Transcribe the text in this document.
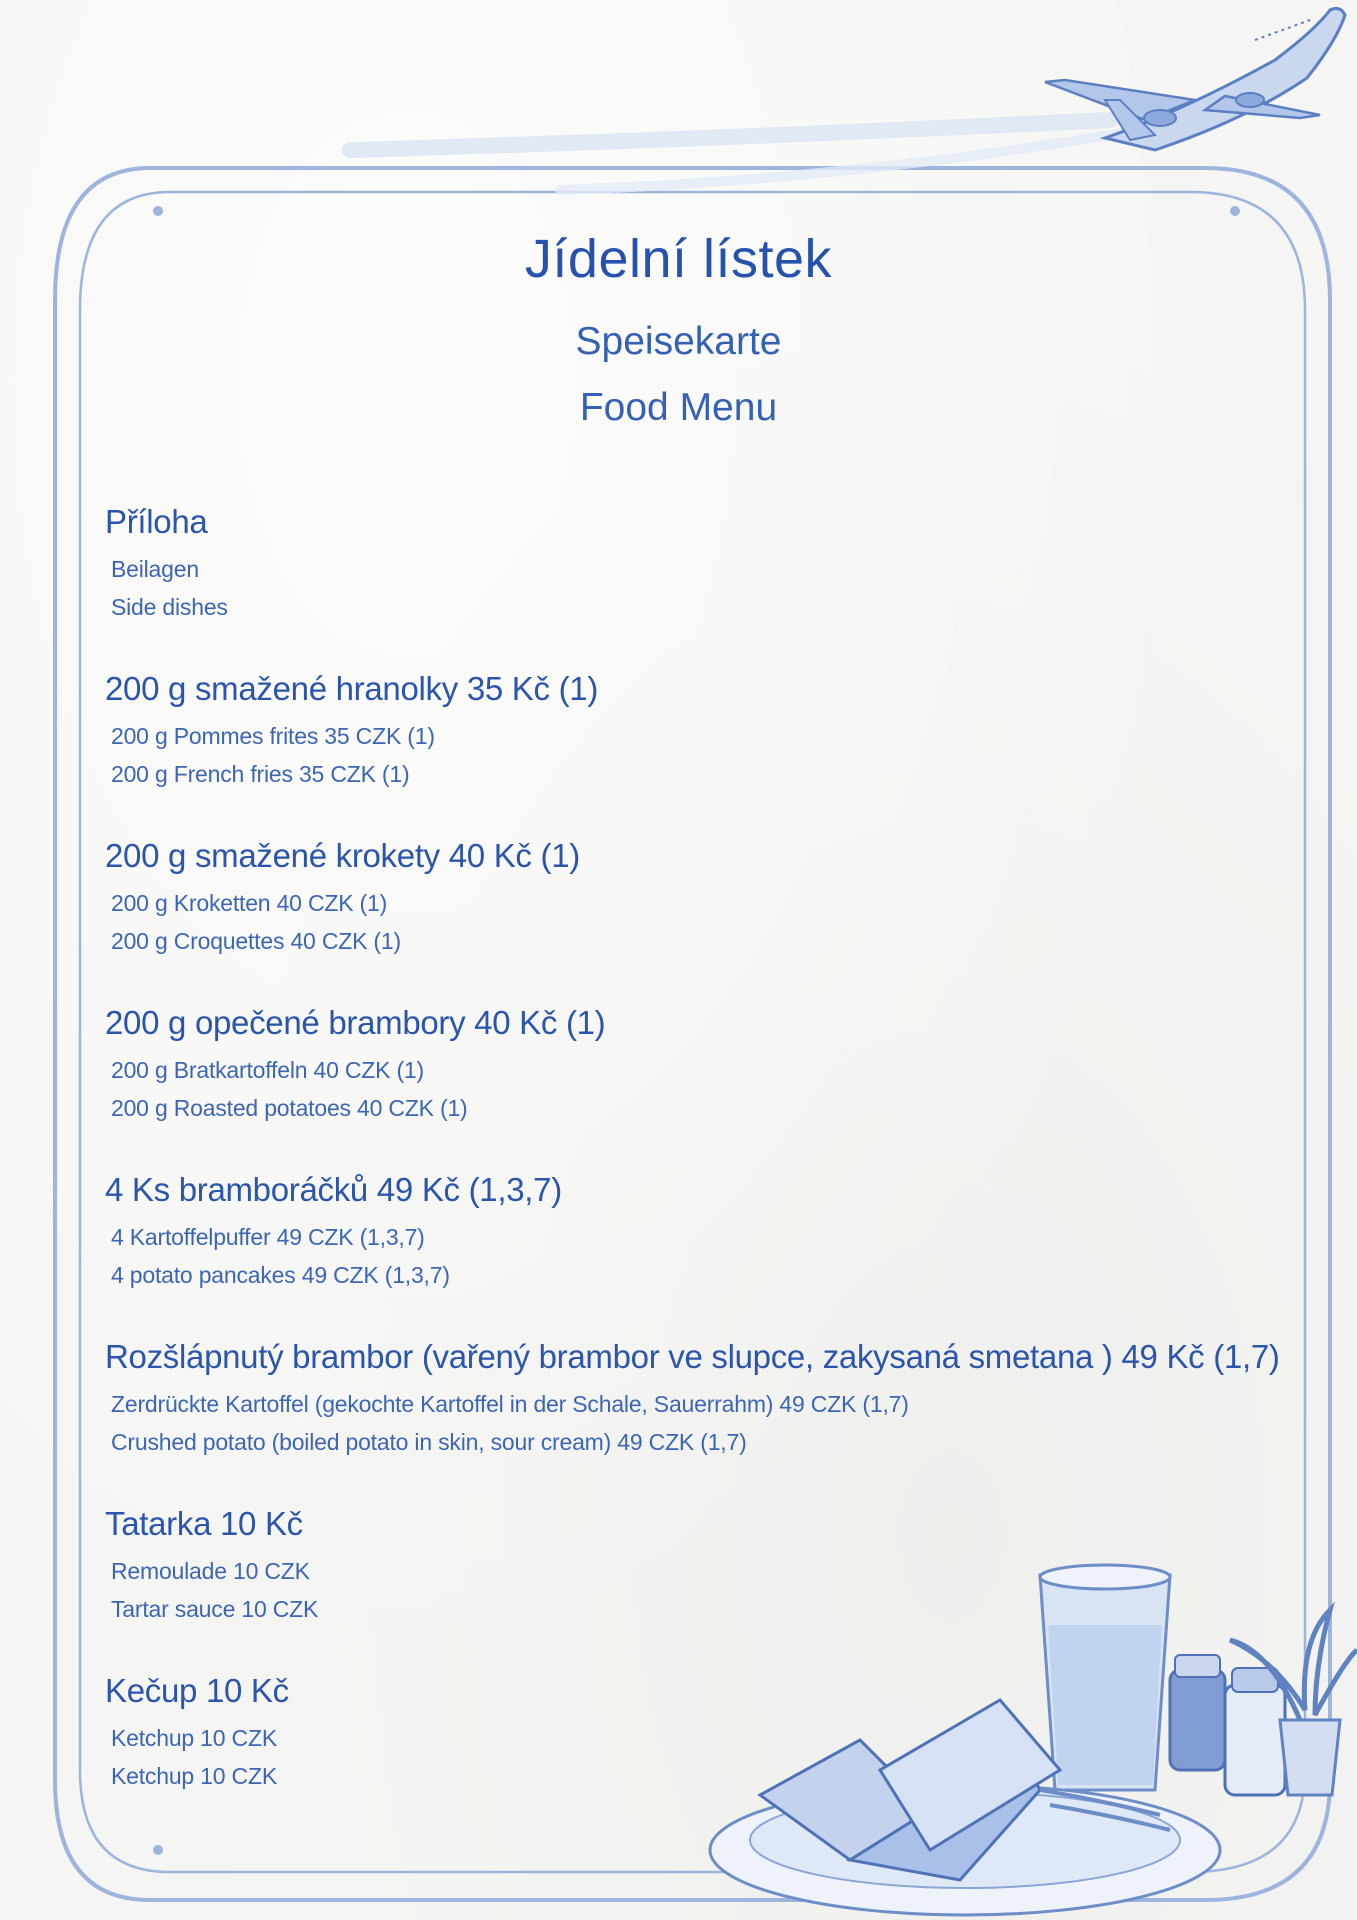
Jídelní lístek
Speisekarte
Food Menu
Příloha
Beilagen
Side dishes
200 g smažené hranolky 35 Kč (1)
200 g Pommes frites 35 CZK (1)
200 g French fries 35 CZK (1)
200 g smažené krokety 40 Kč (1)
200 g Kroketten 40 CZK (1)
200 g Croquettes 40 CZK (1)
200 g opečené brambory 40 Kč (1)
200 g Bratkartoffeln 40 CZK (1)
200 g Roasted potatoes 40 CZK (1)
4 Ks bramboráčků 49 Kč (1,3,7)
4 Kartoffelpuffer 49 CZK (1,3,7)
4 potato pancakes 49 CZK (1,3,7)
Rozšlápnutý brambor (vařený brambor ve slupce, zakysaná smetana ) 49 Kč (1,7)
Zerdrückte Kartoffel (gekochte Kartoffel in der Schale, Sauerrahm) 49 CZK (1,7)
Crushed potato (boiled potato in skin, sour cream) 49 CZK (1,7)
Tatarka 10 Kč
Remoulade 10 CZK
Tartar sauce 10 CZK
Kečup 10 Kč
Ketchup 10 CZK
Ketchup 10 CZK
